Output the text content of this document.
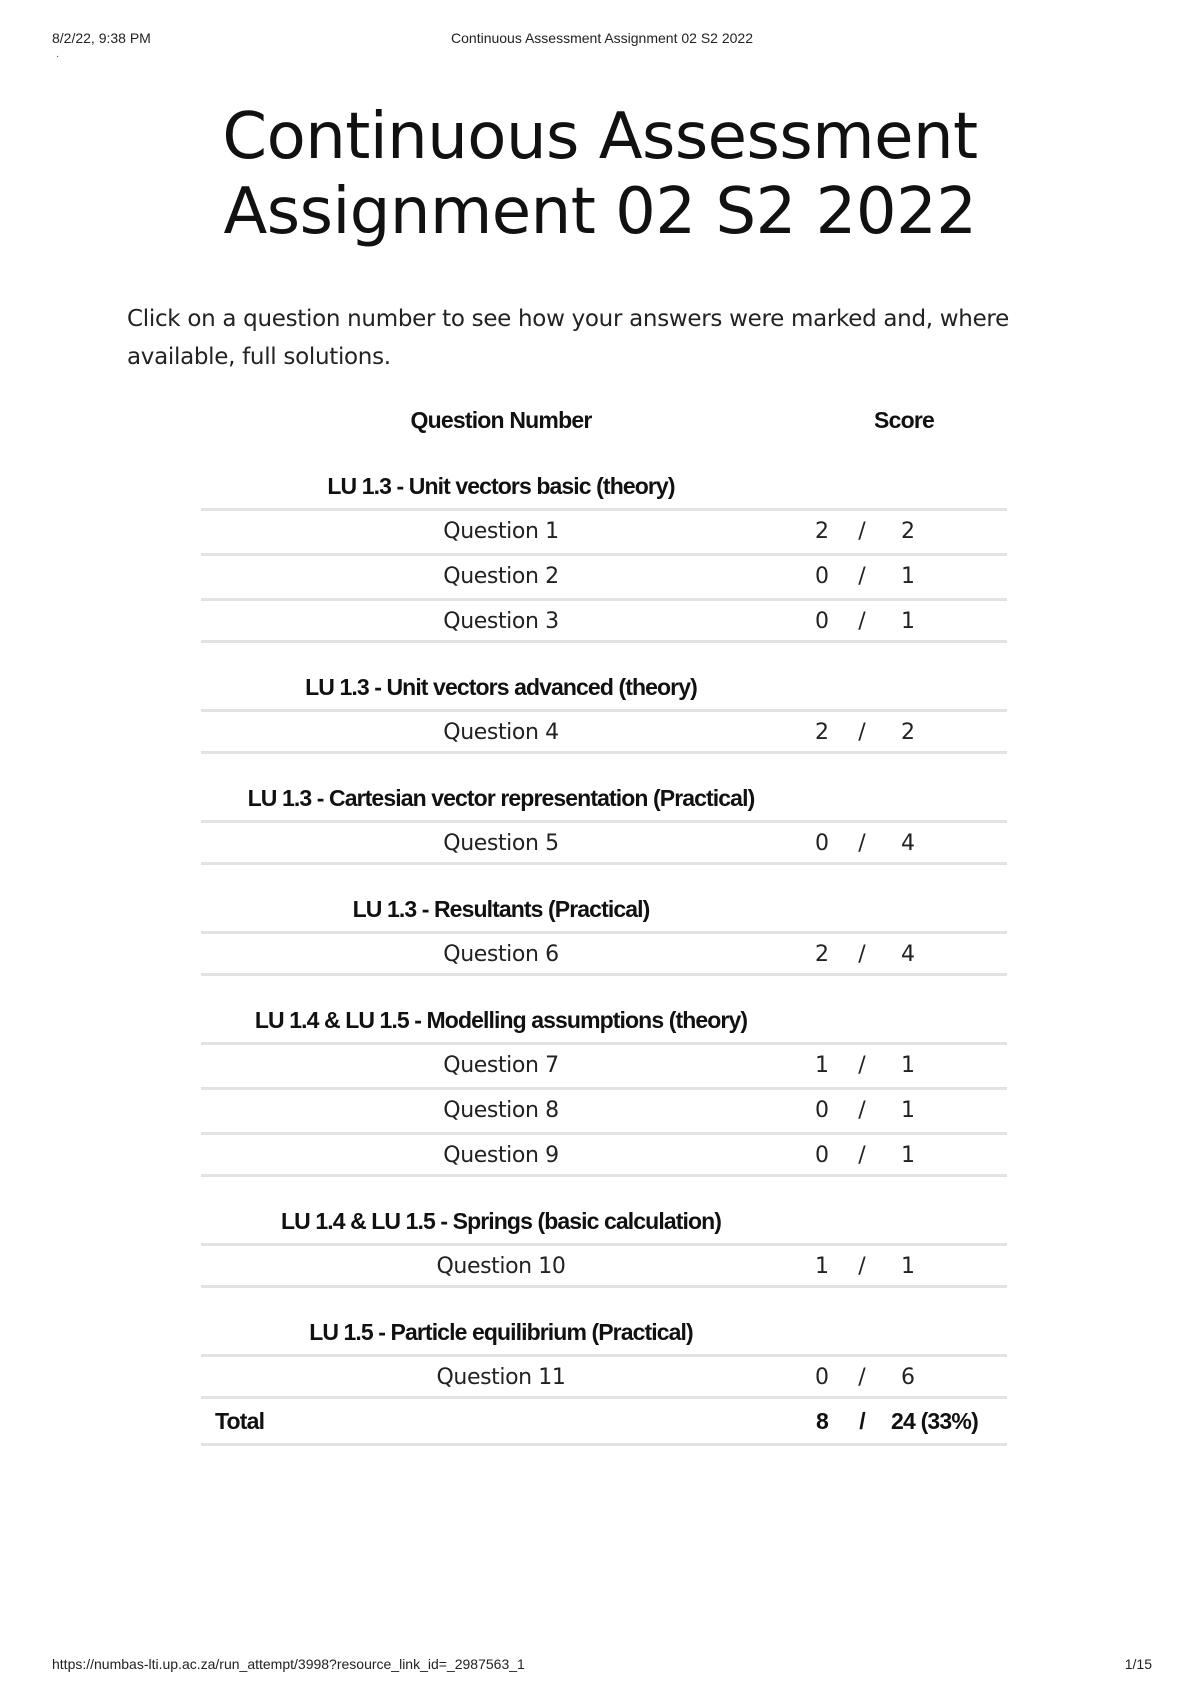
8/2/22, 9:38 PM	Continuous Assessment Assignment 02 S2 2022
·
Continuous Assessment
Assignment 02 S2 2022

Click on a question number to see how your answers were marked and, where available, full solutions.

Question Number	Score
LU 1.3 - Unit vectors basic (theory)
Question 1	2 / 2
Question 2	0 / 1
Question 3	0 / 1
LU 1.3 - Unit vectors advanced (theory)
Question 4	2 / 2
LU 1.3 - Cartesian vector representation (Practical)
Question 5	0 / 4
LU 1.3 - Resultants (Practical)
Question 6	2 / 4
LU 1.4 & LU 1.5 - Modelling assumptions (theory)
Question 7	1 / 1
Question 8	0 / 1
Question 9	0 / 1
LU 1.4 & LU 1.5 - Springs (basic calculation)
Question 10	1 / 1
LU 1.5 - Particle equilibrium (Practical)
Question 11	0 / 6
Total	8	/	24 (33%)
https://numbas-lti.up.ac.za/run_attempt/3998?resource_link_id=_2987563_1	1/15
